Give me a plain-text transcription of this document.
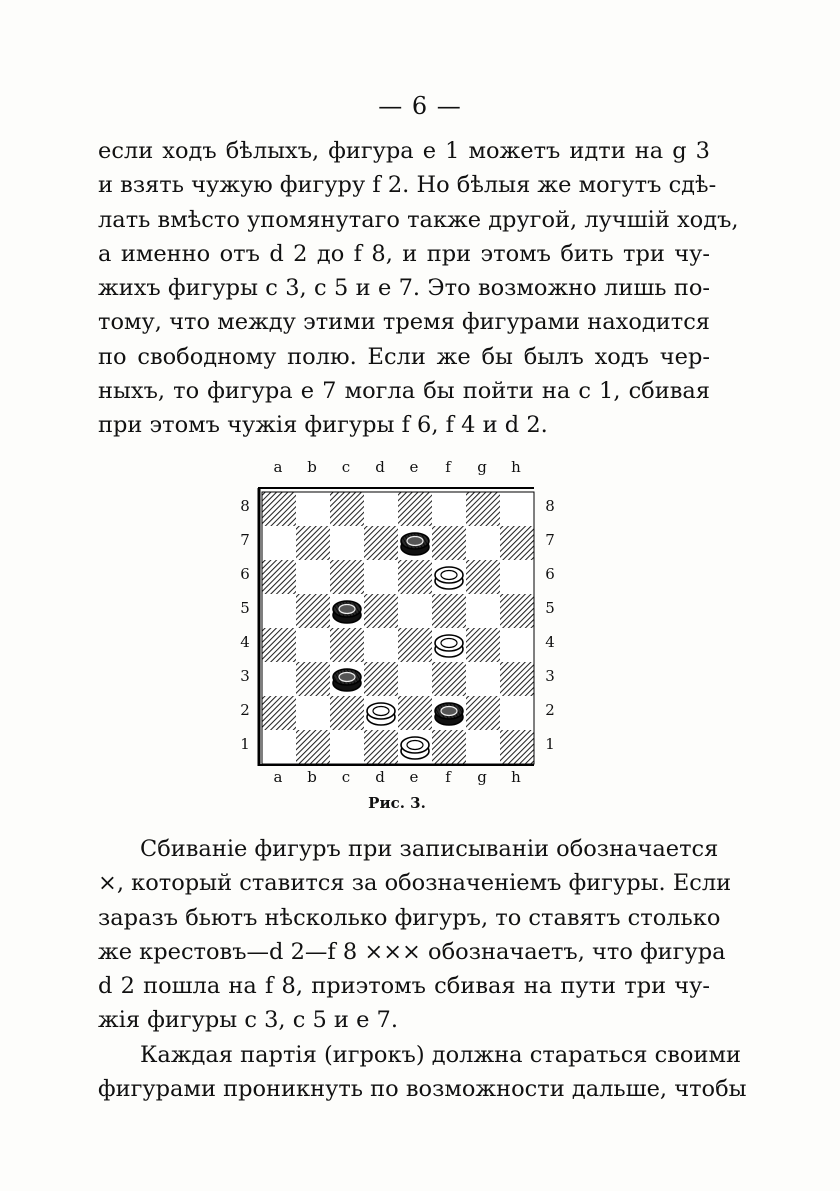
— 6 —

если ходъ бѣлыхъ, фигура е 1 можетъ идти на g 3
и взять чужую фигуру f 2. Но бѣлыя же могутъ сдѣ-
лать вмѣсто упомянутаго также другой, лучшій ходъ,
а именно отъ d 2 до f 8, и при этомъ бить три чу-
жихъ фигуры с 3, с 5 и е 7. Это возможно лишь по-
тому, что между этими тремя фигурами находится
по свободному полю. Если же бы былъ ходъ чер-
ныхъ, то фигура е 7 могла бы пойти на с 1, сбивая
при этомъ чужія фигуры f 6, f 4 и d 2.

a	b	c	d	e	f	g	h
8
7
6
5
4
3
2
1
8
7
6
5
4
3
2
1
a	b	c	d	e	f	g	h
Рис. 3.

Сбиваніе фигуръ при записываніи обозначается
×, который ставится за обозначеніемъ фигуры. Если
заразъ бьютъ нѣсколько фигуръ, то ставятъ столько
же крестовъ—d 2—f 8 ××× обозначаетъ, что фигура
d 2 пошла на f 8, приэтомъ сбивая на пути три чу-
жія фигуры с 3, с 5 и е 7.

Каждая партія (игрокъ) должна стараться своими
фигурами проникнуть по возможности дальше, чтобы
